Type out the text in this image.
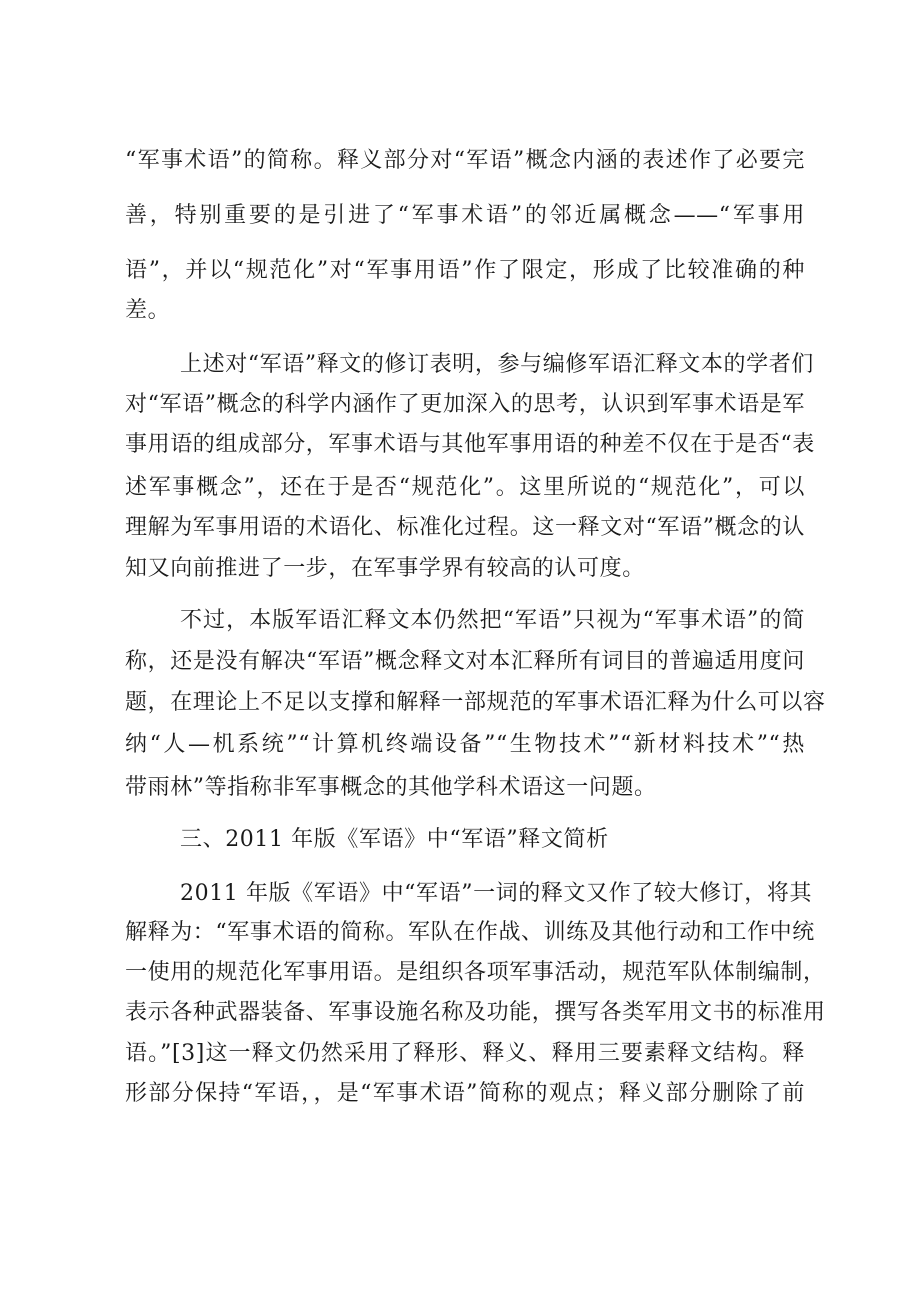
“军事术语”的简称。释义部分对“军语”概念内涵的表述作了必要完
善，特别重要的是引进了“军事术语”的邻近属概念——“军事用
语”，并以“规范化”对“军事用语”作了限定，形成了比较准确的种
差。
上述对“军语”释文的修订表明，参与编修军语汇释文本的学者们
对“军语”概念的科学内涵作了更加深入的思考，认识到军事术语是军
事用语的组成部分，军事术语与其他军事用语的种差不仅在于是否“表
述军事概念”，还在于是否“规范化”。这里所说的“规范化”，可以
理解为军事用语的术语化、标准化过程。这一释文对“军语”概念的认
知又向前推进了一步，在军事学界有较高的认可度。
不过，本版军语汇释文本仍然把“军语”只视为“军事术语”的简
称，还是没有解决“军语”概念释文对本汇释所有词目的普遍适用度问
题，在理论上不足以支撑和解释一部规范的军事术语汇释为什么可以容
纳“人—机系统”“计算机终端设备”“生物技术”“新材料技术”“热
带雨林”等指称非军事概念的其他学科术语这一问题。
三、2011 年版《军语》中“军语”释文简析
2011 年版《军语》中“军语”一词的释文又作了较大修订，将其
解释为：“军事术语的简称。军队在作战、训练及其他行动和工作中统
一使用的规范化军事用语。是组织各项军事活动，规范军队体制编制，
表示各种武器装备、军事设施名称及功能，撰写各类军用文书的标准用
语。”[3]这一释文仍然采用了释形、释义、释用三要素释文结构。释
形部分保持“军语，，是“军事术语”简称的观点；释义部分删除了前
